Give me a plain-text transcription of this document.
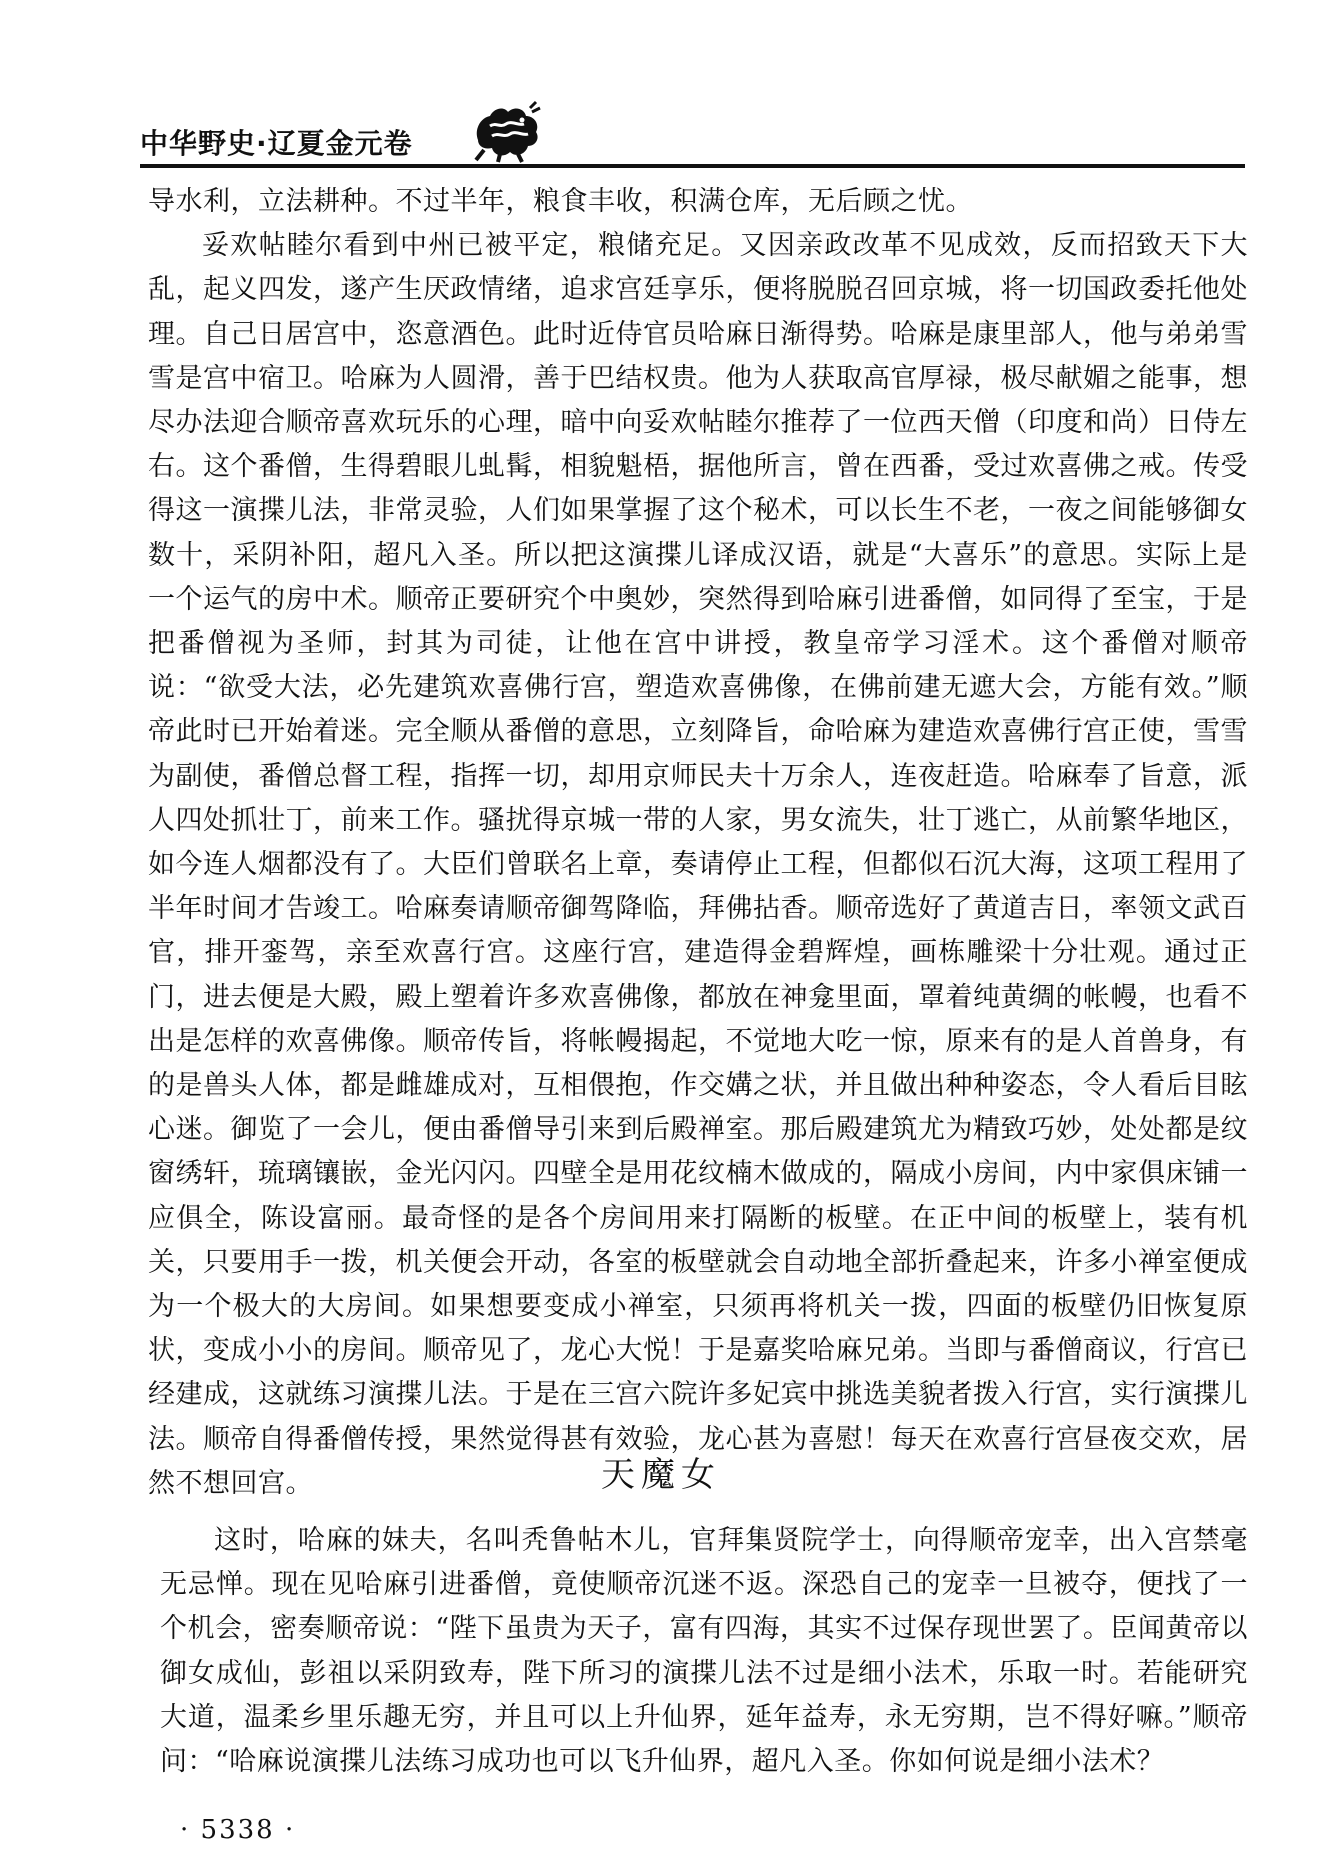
中华野史·辽夏金元卷

导水利，立法耕种。不过半年，粮食丰收，积满仓库，无后顾之忧。

妥欢帖睦尔看到中州已被平定，粮储充足。又因亲政改革不见成效，反而招致天下大乱，起义四发，遂产生厌政情绪，追求宫廷享乐，便将脱脱召回京城，将一切国政委托他处理。自己日居宫中，恣意酒色。此时近侍官员哈麻日渐得势。哈麻是康里部人，他与弟弟雪雪是宫中宿卫。哈麻为人圆滑，善于巴结权贵。他为人获取高官厚禄，极尽献媚之能事，想尽办法迎合顺帝喜欢玩乐的心理，暗中向妥欢帖睦尔推荐了一位西天僧（印度和尚）日侍左右。这个番僧，生得碧眼儿虬髯，相貌魁梧，据他所言，曾在西番，受过欢喜佛之戒。传受得这一演揲儿法，非常灵验，人们如果掌握了这个秘术，可以长生不老，一夜之间能够御女数十，采阴补阳，超凡入圣。所以把这演揲儿译成汉语，就是“大喜乐”的意思。实际上是一个运气的房中术。顺帝正要研究个中奥妙，突然得到哈麻引进番僧，如同得了至宝，于是把番僧视为圣师，封其为司徒，让他在宫中讲授，教皇帝学习淫术。这个番僧对顺帝说：“欲受大法，必先建筑欢喜佛行宫，塑造欢喜佛像，在佛前建无遮大会，方能有效。”顺帝此时已开始着迷。完全顺从番僧的意思，立刻降旨，命哈麻为建造欢喜佛行宫正使，雪雪为副使，番僧总督工程，指挥一切，却用京师民夫十万余人，连夜赶造。哈麻奉了旨意，派人四处抓壮丁，前来工作。骚扰得京城一带的人家，男女流失，壮丁逃亡，从前繁华地区，如今连人烟都没有了。大臣们曾联名上章，奏请停止工程，但都似石沉大海，这项工程用了半年时间才告竣工。哈麻奏请顺帝御驾降临，拜佛拈香。顺帝选好了黄道吉日，率领文武百官，排开銮驾，亲至欢喜行宫。这座行宫，建造得金碧辉煌，画栋雕梁十分壮观。通过正门，进去便是大殿，殿上塑着许多欢喜佛像，都放在神龛里面，罩着纯黄绸的帐幔，也看不出是怎样的欢喜佛像。顺帝传旨，将帐幔揭起，不觉地大吃一惊，原来有的是人首兽身，有的是兽头人体，都是雌雄成对，互相偎抱，作交媾之状，并且做出种种姿态，令人看后目眩心迷。御览了一会儿，便由番僧导引来到后殿禅室。那后殿建筑尤为精致巧妙，处处都是纹窗绣轩，琉璃镶嵌，金光闪闪。四壁全是用花纹楠木做成的，隔成小房间，内中家俱床铺一应俱全，陈设富丽。最奇怪的是各个房间用来打隔断的板壁。在正中间的板壁上，装有机关，只要用手一拨，机关便会开动，各室的板壁就会自动地全部折叠起来，许多小禅室便成为一个极大的大房间。如果想要变成小禅室，只须再将机关一拨，四面的板壁仍旧恢复原状，变成小小的房间。顺帝见了，龙心大悦！于是嘉奖哈麻兄弟。当即与番僧商议，行宫已经建成，这就练习演揲儿法。于是在三宫六院许多妃宾中挑选美貌者拨入行宫，实行演揲儿法。顺帝自得番僧传授，果然觉得甚有效验，龙心甚为喜慰！每天在欢喜行宫昼夜交欢，居然不想回宫。	天魔女

这时，哈麻的妹夫，名叫秃鲁帖木儿，官拜集贤院学士，向得顺帝宠幸，出入宫禁毫无忌惮。现在见哈麻引进番僧，竟使顺帝沉迷不返。深恐自己的宠幸一旦被夺，便找了一个机会，密奏顺帝说：“陛下虽贵为天子，富有四海，其实不过保存现世罢了。臣闻黄帝以御女成仙，彭祖以采阴致寿，陛下所习的演揲儿法不过是细小法术，乐取一时。若能研究大道，温柔乡里乐趣无穷，并且可以上升仙界，延年益寿，永无穷期，岂不得好嘛。”顺帝问：“哈麻说演揲儿法练习成功也可以飞升仙界，超凡入圣。你如何说是细小法术？

· 5338 ·
